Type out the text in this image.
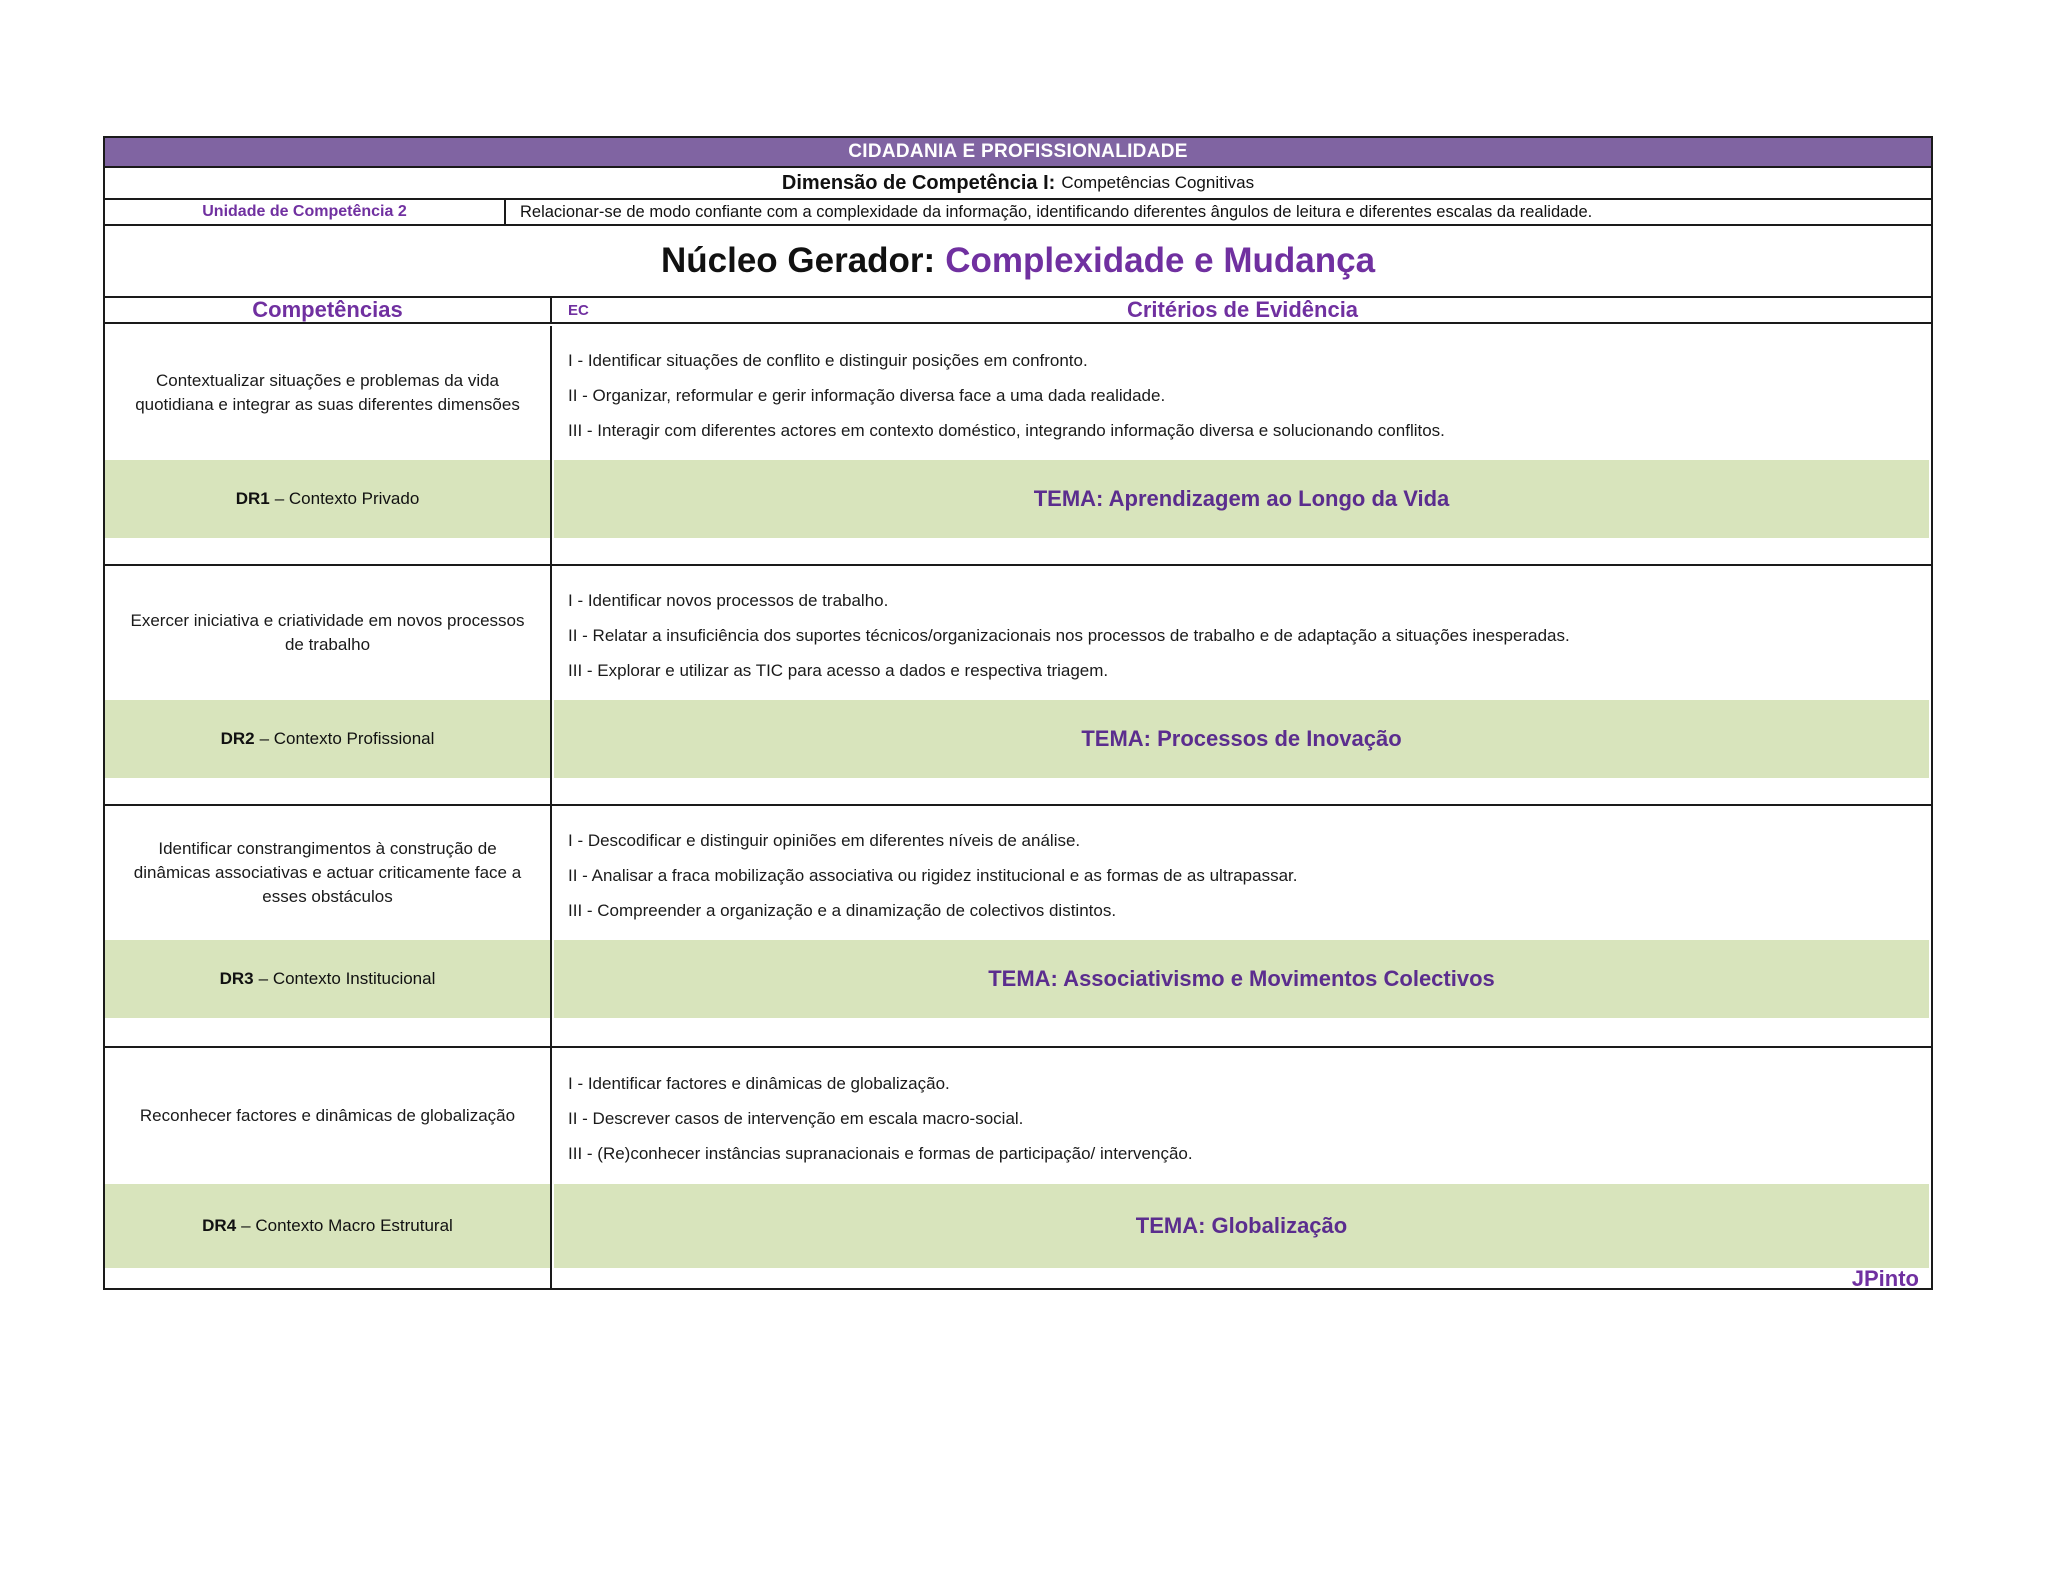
CIDADANIA E PROFISSIONALIDADE
Dimensão de Competência I: Competências Cognitivas
Unidade de Competência 2	Relacionar-se de modo confiante com a complexidade da informação, identificando diferentes ângulos de leitura e diferentes escalas da realidade.
Núcleo Gerador: Complexidade e Mudança
Competências	Critérios de Evidência
EC
Contextualizar situações e problemas da vida quotidiana e integrar as suas diferentes dimensões

I - Identificar situações de conflito e distinguir posições em confronto.

II - Organizar, reformular e gerir informação diversa face a uma dada realidade.

III - Interagir com diferentes actores em contexto doméstico, integrando informação diversa e solucionando conflitos.

DR1 – Contexto Privado	TEMA: Aprendizagem ao Longo da Vida
Exercer iniciativa e criatividade em novos processos de trabalho

I - Identificar novos processos de trabalho.

II - Relatar a insuficiência dos suportes técnicos/organizacionais nos processos de trabalho e de adaptação a situações inesperadas.

III - Explorar e utilizar as TIC para acesso a dados e respectiva triagem.

DR2 – Contexto Profissional	TEMA: Processos de Inovação
Identificar constrangimentos à construção de dinâmicas associativas e actuar criticamente face a esses obstáculos

I - Descodificar e distinguir opiniões em diferentes níveis de análise.

II - Analisar a fraca mobilização associativa ou rigidez institucional e as formas de as ultrapassar.

III - Compreender a organização e a dinamização de colectivos distintos.

DR3 – Contexto Institucional	TEMA: Associativismo e Movimentos Colectivos
Reconhecer factores e dinâmicas de globalização

I - Identificar factores e dinâmicas de globalização.

II - Descrever casos de intervenção em escala macro-social.

III - (Re)conhecer instâncias supranacionais e formas de participação/ intervenção.

DR4 – Contexto Macro Estrutural	TEMA: Globalização
JPinto
